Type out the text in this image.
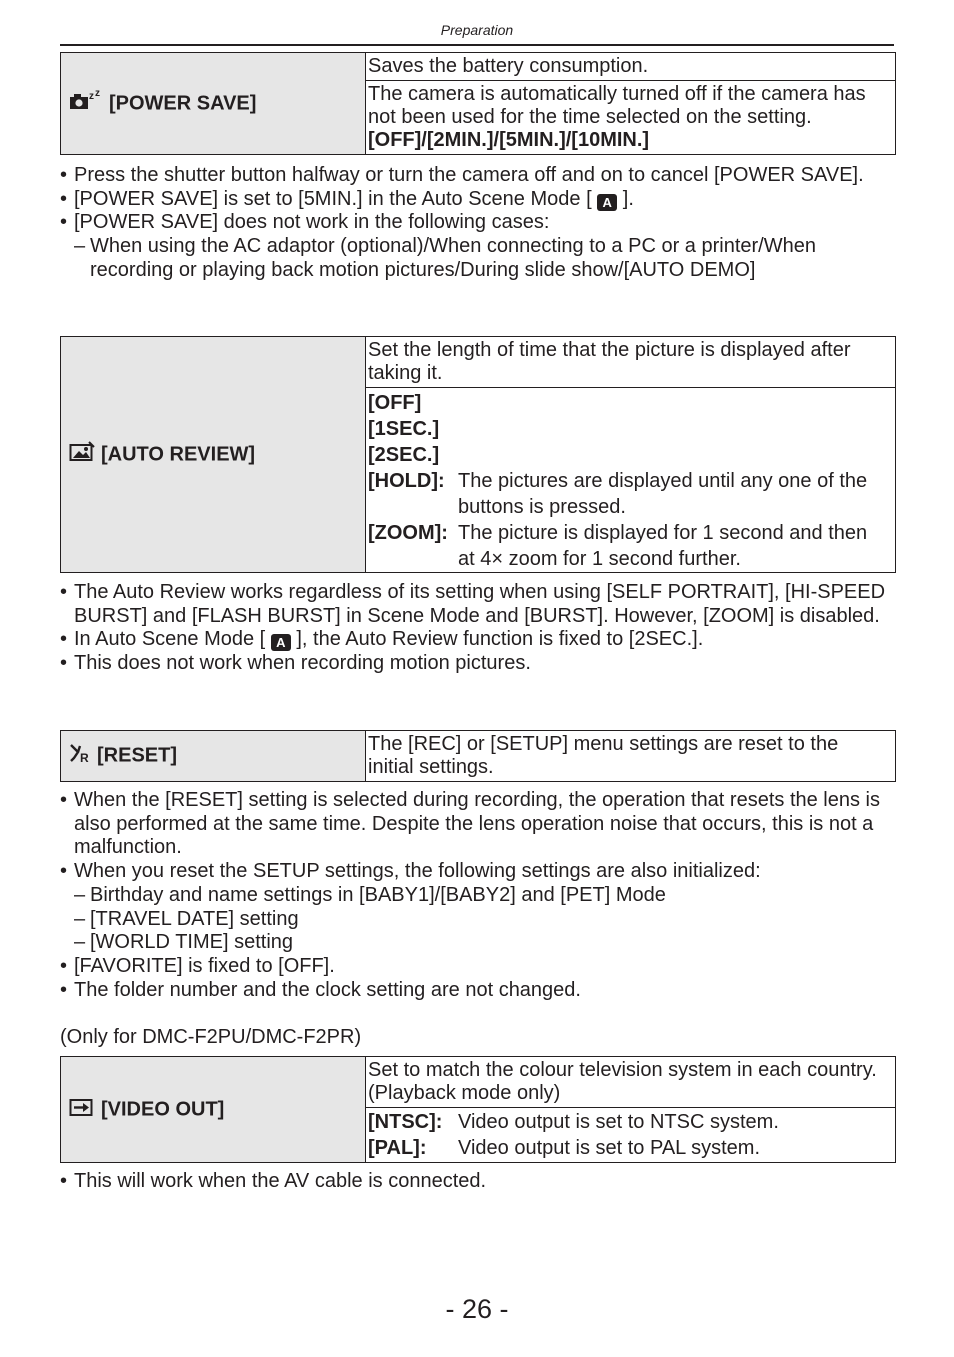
Preparation
z z [POWER SAVE]	Saves the battery consumption.
The camera is automatically turned off if the camera has not been used for the time selected on the setting.
[OFF]/[2MIN.]/[5MIN.]/[10MIN.]
• Press the shutter button halfway or turn the camera off and on to cancel [POWER SAVE].
• [POWER SAVE] is set to [5MIN.] in the Auto Scene Mode [ A ].
• [POWER SAVE] does not work in the following cases:
– When using the AC adaptor (optional)/When connecting to a PC or a printer/When recording or playing back motion pictures/During slide show/[AUTO DEMO]
[AUTO REVIEW]	Set the length of time that the picture is displayed after taking it.

[OFF]
[1SEC.]
[2SEC.]
[HOLD]: The pictures are displayed until any one of the buttons is pressed.
[ZOOM]: The picture is displayed for 1 second and then at 4× zoom for 1 second further.
• The Auto Review works regardless of its setting when using [SELF PORTRAIT], [HI-SPEED BURST] and [FLASH BURST] in Scene Mode and [BURST]. However, [ZOOM] is disabled.
• In Auto Scene Mode [ A ], the Auto Review function is fixed to [2SEC.].
• This does not work when recording motion pictures.
R [RESET]	The [REC] or [SETUP] menu settings are reset to the initial settings.
• When the [RESET] setting is selected during recording, the operation that resets the lens is also performed at the same time. Despite the lens operation noise that occurs, this is not a malfunction.
• When you reset the SETUP settings, the following settings are also initialized:
– Birthday and name settings in [BABY1]/[BABY2] and [PET] Mode
– [TRAVEL DATE] setting
– [WORLD TIME] setting
• [FAVORITE] is fixed to [OFF].
• The folder number and the clock setting are not changed.
(Only for DMC-F2PU/DMC-F2PR)
[VIDEO OUT]	Set to match the colour television system in each country. (Playback mode only)

[NTSC]: Video output is set to NTSC system.
[PAL]:	Video output is set to PAL system.
• This will work when the AV cable is connected.
- 26 -
